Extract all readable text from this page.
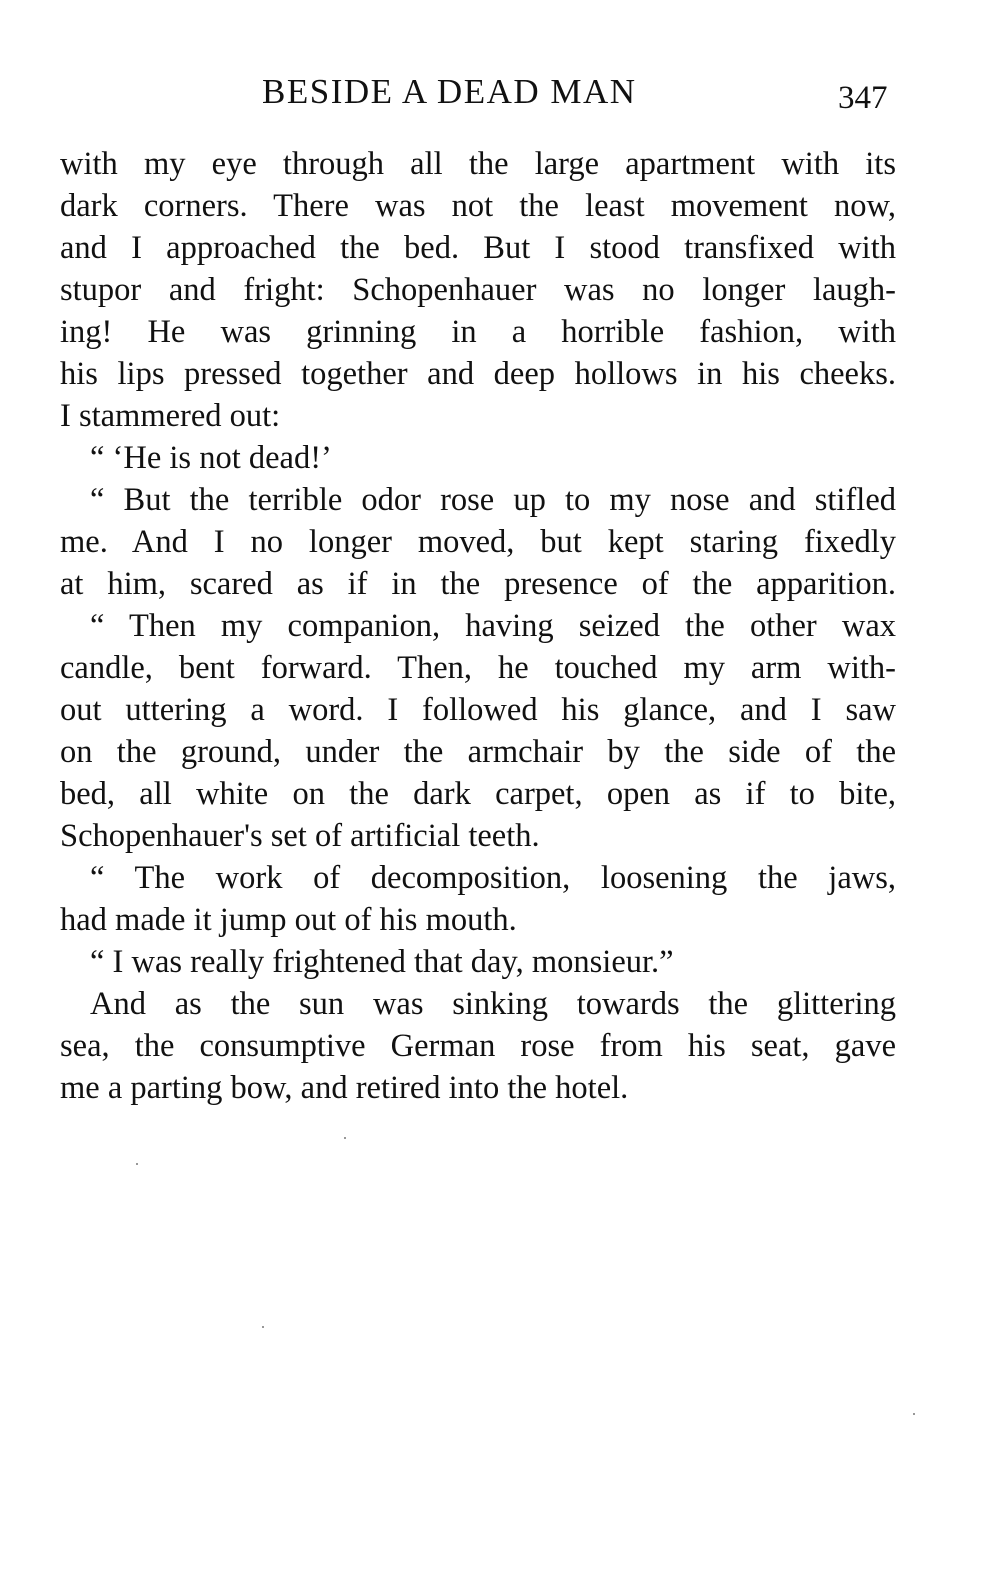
BESIDE A DEAD MAN	347
with my eye through all the large apartment with its
dark corners. There was not the least movement now,
and I approached the bed. But I stood transfixed with
stupor and fright: Schopenhauer was no longer laugh-
ing! He was grinning in a horrible fashion, with
his lips pressed together and deep hollows in his cheeks.
I stammered out:
“ ‘He is not dead!’
“ But the terrible odor rose up to my nose and stifled
me. And I no longer moved, but kept staring fixedly
at him, scared as if in the presence of the apparition.
“ Then my companion, having seized the other wax
candle, bent forward. Then, he touched my arm with-
out uttering a word. I followed his glance, and I saw
on the ground, under the armchair by the side of the
bed, all white on the dark carpet, open as if to bite,
Schopenhauer's set of artificial teeth.
“ The work of decomposition, loosening the jaws,
had made it jump out of his mouth.
“ I was really frightened that day, monsieur.”
And as the sun was sinking towards the glittering
sea, the consumptive German rose from his seat, gave
me a parting bow, and retired into the hotel.
